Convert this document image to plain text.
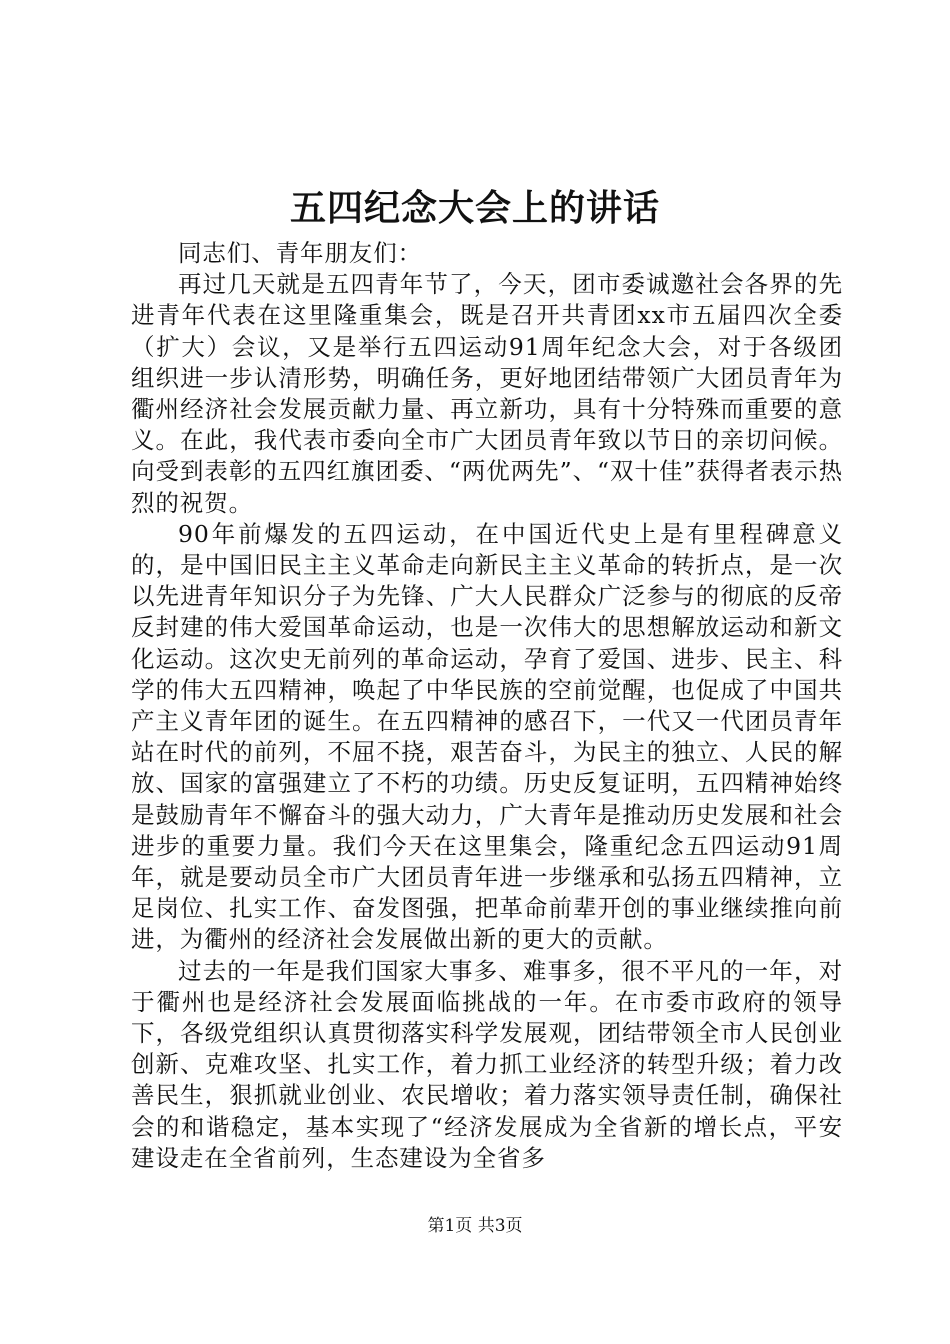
五四纪念大会上的讲话

同志们、青年朋友们：

再过几天就是五四青年节了，今天，团市委诚邀社会各界的先进青年代表在这里隆重集会，既是召开共青团xx市五届四次全委（扩大）会议，又是举行五四运动91周年纪念大会，对于各级团组织进一步认清形势，明确任务，更好地团结带领广大团员青年为衢州经济社会发展贡献力量、再立新功，具有十分特殊而重要的意义。在此，我代表市委向全市广大团员青年致以节日的亲切问候。向受到表彰的五四红旗团委、“两优两先”、“双十佳”获得者表示热烈的祝贺。

90年前爆发的五四运动，在中国近代史上是有里程碑意义的，是中国旧民主主义革命走向新民主主义革命的转折点，是一次以先进青年知识分子为先锋、广大人民群众广泛参与的彻底的反帝反封建的伟大爱国革命运动，也是一次伟大的思想解放运动和新文化运动。这次史无前列的革命运动，孕育了爱国、进步、民主、科学的伟大五四精神，唤起了中华民族的空前觉醒，也促成了中国共产主义青年团的诞生。在五四精神的感召下，一代又一代团员青年站在时代的前列，不屈不挠，艰苦奋斗，为民主的独立、人民的解放、国家的富强建立了不朽的功绩。历史反复证明，五四精神始终是鼓励青年不懈奋斗的强大动力，广大青年是推动历史发展和社会进步的重要力量。我们今天在这里集会，隆重纪念五四运动91周年，就是要动员全市广大团员青年进一步继承和弘扬五四精神，立足岗位、扎实工作、奋发图强，把革命前辈开创的事业继续推向前进，为衢州的经济社会发展做出新的更大的贡献。

过去的一年是我们国家大事多、难事多，很不平凡的一年，对于衢州也是经济社会发展面临挑战的一年。在市委市政府的领导下，各级党组织认真贯彻落实科学发展观，团结带领全市人民创业创新、克难攻坚、扎实工作，着力抓工业经济的转型升级；着力改善民生，狠抓就业创业、农民增收；着力落实领导责任制，确保社会的和谐稳定，基本实现了“经济发展成为全省新的增长点，平安建设走在全省前列，生态建设为全省多

第1页 共3页
